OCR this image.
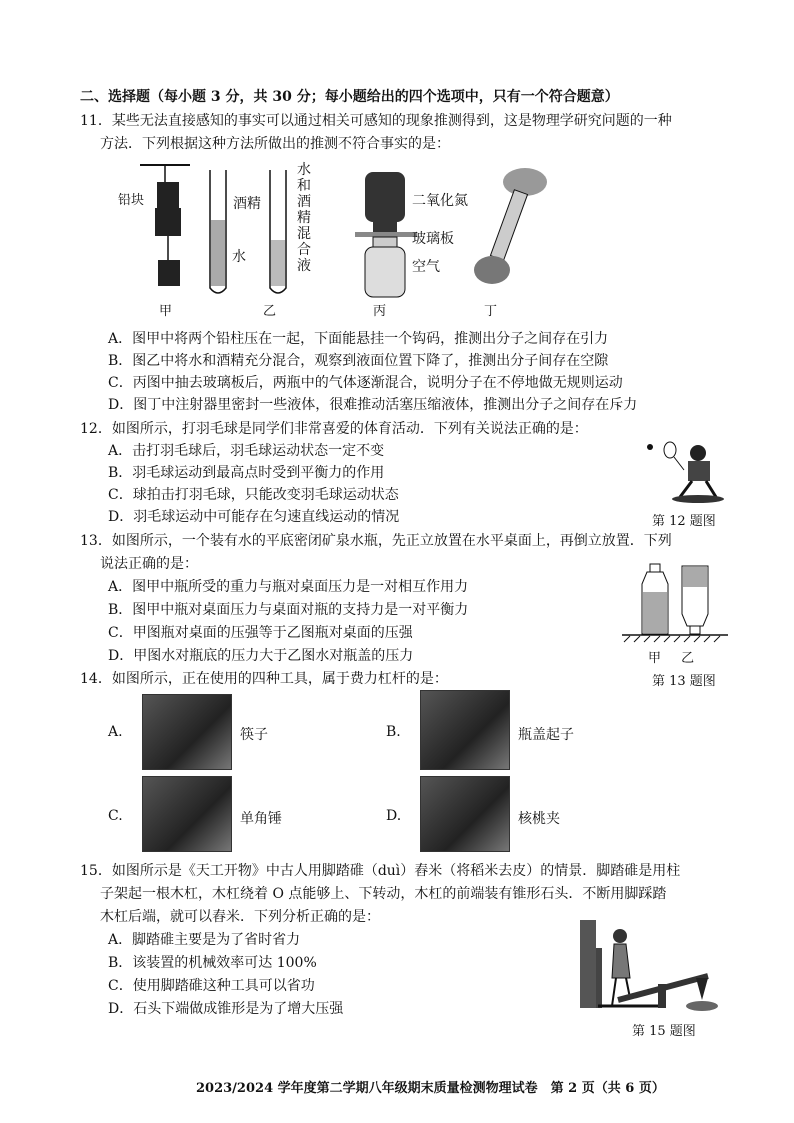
二、选择题（每小题 3 分，共 30 分；每小题给出的四个选项中，只有一个符合题意）
11．某些无法直接感知的事实可以通过相关可感知的现象推测得到，这是物理学研究问题的一种
方法．下列根据这种方法所做出的推测不符合事实的是：
铅块	酒精
水
水和酒精混合液
二氧化氮
玻璃板
空气
甲	乙	丙	丁
A．图甲中将两个铅柱压在一起，下面能悬挂一个钩码，推测出分子之间存在引力
B．图乙中将水和酒精充分混合，观察到液面位置下降了，推测出分子间存在空隙
C．丙图中抽去玻璃板后，两瓶中的气体逐渐混合，说明分子在不停地做无规则运动
D．图丁中注射器里密封一些液体，很难推动活塞压缩液体，推测出分子之间存在斥力
12．如图所示，打羽毛球是同学们非常喜爱的体育活动．下列有关说法正确的是：
A．击打羽毛球后，羽毛球运动状态一定不变
B．羽毛球运动到最高点时受到平衡力的作用
C．球拍击打羽毛球，只能改变羽毛球运动状态
D．羽毛球运动中可能存在匀速直线运动的情况	第 12 题图
13．如图所示，一个装有水的平底密闭矿泉水瓶，先正立放置在水平桌面上，再倒立放置．下列
说法正确的是：
A．图甲中瓶所受的重力与瓶对桌面压力是一对相互作用力
B．图甲中瓶对桌面压力与桌面对瓶的支持力是一对平衡力
C．甲图瓶对桌面的压强等于乙图瓶对桌面的压强
D．甲图水对瓶底的压力大于乙图水对瓶盖的压力	甲 乙
第 13 题图
14．如图所示，正在使用的四种工具，属于费力杠杆的是：
A.	筷子	B.	瓶盖起子
C.	单角锤	D.	核桃夹
15．如图所示是《天工开物》中古人用脚踏碓（duì）舂米（将稻米去皮）的情景．脚踏碓是用柱
子架起一根木杠，木杠绕着 O 点能够上、下转动，木杠的前端装有锥形石头．不断用脚踩踏
木杠后端，就可以舂米．下列分析正确的是：
A．脚踏碓主要是为了省时省力
B．该装置的机械效率可达 100%
C．使用脚踏碓这种工具可以省功
D．石头下端做成锥形是为了增大压强
第 15 题图
2023/2024 学年度第二学期八年级期末质量检测物理试卷　第 2 页（共 6 页）
